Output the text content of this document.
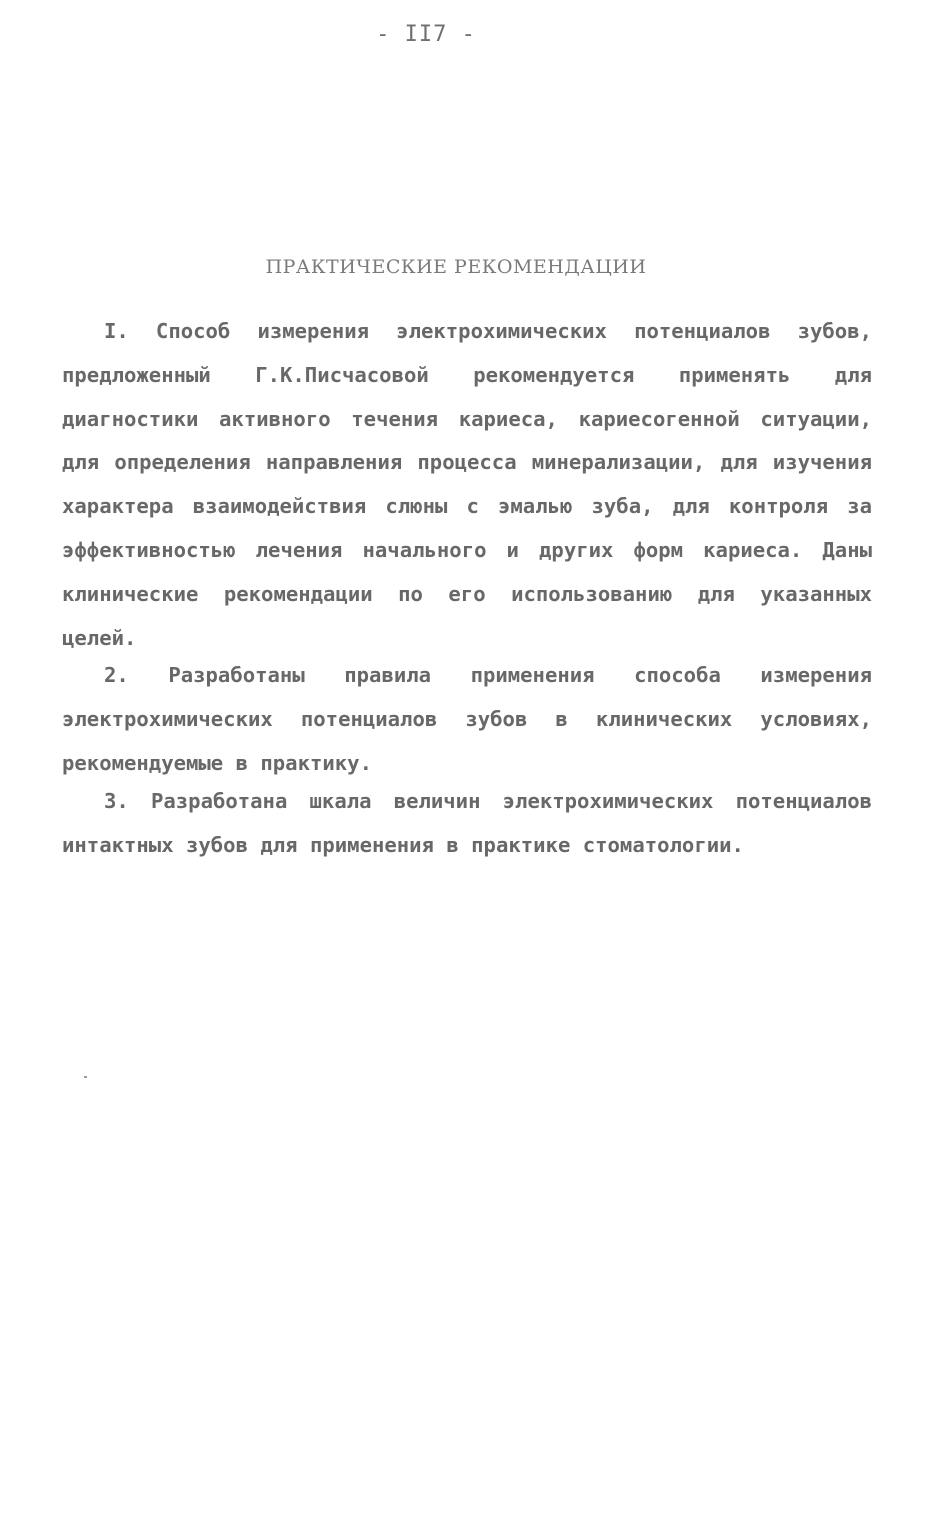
- II7 -
ПРАКТИЧЕСКИЕ РЕКОМЕНДАЦИИ
I. Способ измерения электрохимических потенциалов зубов, предложенный Г.К.Писчасовой рекомендуется применять для диагностики активного течения кариеса, кариесогенной ситуации, для определения направления процесса минерализации, для изучения характера взаимодействия слюны с эмалью зуба, для контроля за эффективностью лечения начального и других форм кариеса. Даны клинические рекомендации по его использованию для указанных целей.
2. Разработаны правила применения способа измерения электрохимических потенциалов зубов в клинических условиях, рекомендуемые в практику.
3. Разработана шкала величин электрохимических потенциалов интактных зубов для применения в практике стоматологии.
